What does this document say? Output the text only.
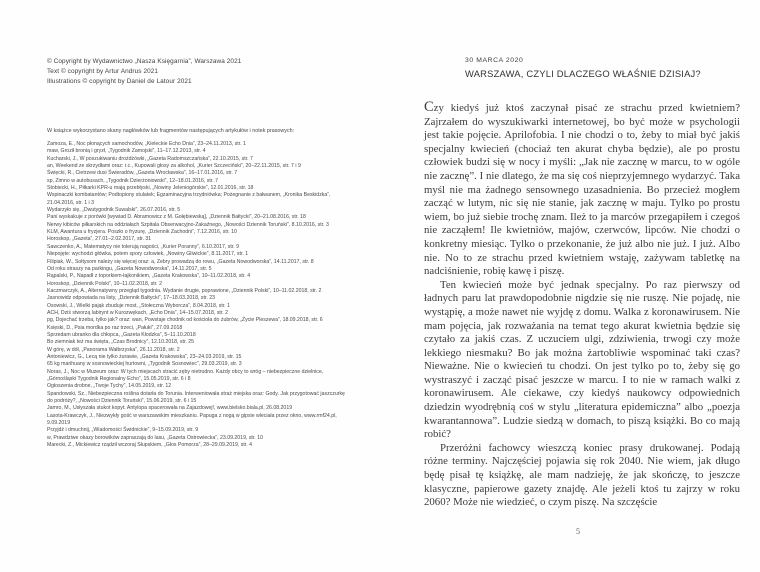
© Copyright by Wydawnictwo „Nasza Księgarnia”, Warszawa 2021
Text © copyright by Artur Andrus 2021
Illustrations © copyright by Daniel de Latour 2021
W książce wykorzystano skany nagłówków lub fragmentów następujących artykułów i notek prasowych:
Zamoza, E., Noc płonących samochodów, „Kieleckie Echo Dnia”, 23–24.11.2013, str. 1
maw, Groził bronią i gryzł, „Tygodnik Zamojski”, 11–17.12.2013, str. 4
Kucharski, J., W poszukiwaniu drożdżówki, „Gazeta Radomszczańska”, 22.10.2015, str. 7
an, Weekend ze skrzydłami oraz: r.c., Kupowali głosy za alkohol, „Kurier Szczeciński”, 20–22.11.2015, str. 7 i 9
Święcki, R., Cietrzew dusi Świeradów, „Gazeta Wrocławska”, 16–17.01.2016, str. 7
sp, Zimno w autobusach, „Tygodnik Dzierżoniowski”, 12–18.01.2016, str. 7
Stobiecki, H., Piłkarki KPR-u mają przebłyski, „Nowiny Jeleniogórskie”, 12.01.2016, str. 18
Wspinaczki kombatantów; Podtopiony stulatek; Egzaminacyjna trzydniówka; Pożegnanie z bałwanem, „Kronika Beskidzka”, 21.04.2016, str. 1 i 3
Wydarzyło się, „Dwutygodnik Suwalski”, 26.07.2016, str. 5
Pani wyskakuje z porówki [wywiad D. Abramowicz z M. Gołębiewską], „Dziennik Bałtycki”, 20–21.08.2016, str. 18
Nerwy kibiców piłkarskich na oddziałach Szpitala Obserwacyjno-Zakaźnego, „Nowości Dziennik Toruński”, 8.10.2016, str. 3
KLM, Awantura u fryzjera. Poszło o fryzurę, „Dziennik Zachodni”, 7.12.2016, str. 10
Horoskop, „Gazeta”, 27.01–2.02.2017, str. 31
Sawczenko, A., Matematycy nie tolerują nagości, „Kurier Poranny”, 6.10.2017, str. 9
Niepojęte: wychodzi główka, potem spory człowiek, „Nowiny Gliwickie”, 8.11.2017, str. 1
Filipiak, W., Sołtysom należy się więcej oraz: a, Zebry prowadzą do rowu, „Gazeta Nowodworska”, 14.11.2017, str. 8
Od roku straszy na parkingu, „Gazeta Nowodworska”, 14.11.2017, str. 5
Rąpalski, P., Napadł z toporkiem-łajkonikiem, „Gazeta Krakowska”, 10–11.02.2018, str. 4
Horoskop, „Dziennik Polski”, 10–11.02.2018, str. 2
Kaczmarczyk, A., Alternatywny przegląd tygodnia. Wydanie drugie, poprawione, „Dziennik Polski”, 10–11.02.2018, str. 2
Jasnowidz odpowiada na listy, „Dziennik Bałtycki”, 17–18.03.2018, str. 23
Osowski, J., Wielki pająk zbuduje most, „Stołeczna Wyborcza”, 8.04.2018, str. 1
ACH, Dziś stworzą labirynt w Kurozwękach, „Echo Dnia”, 14–15.07.2018, str. 2
pg, Dojechać trzeba, tylko jak? oraz: wan, Powstaje chodnik od kościoła do żubrów, „Życie Pleszewa”, 18.09.2018, str. 6
Księski, D., Psia mordka po raz trzeci, „Pałuki”, 27.09.2018
Sprzedam ubranko dla chłopca, „Gazeta Kłodzka”, 5–11.10.2018
Bo ziemniak też ma święta, „Czas Brodnicy”, 12.10.2018, str. 25
W górę, w dół, „Panorama Wałbrzyska”, 26.11.2018, str. 2
Antoniewicz, G., Lecą nie tylko żurawie, „Gazeta Krakowska”, 23–24.03.2019, str. 15
65 kg marihuany w sosnowieckiej hurtowni, „Tygodnik Sosnowiec”, 29.03.2019, str. 3
Noras, J., Noc w Muzeum oraz: W tych miejscach stracić zęby nietrudno. Każdy obcy to wróg – niebezpieczne dzielnice, „Górnośląski Tygodnik Regionalny Echo”, 15.05.2019, str. 6 i 8
Ogłoszenia drobne, „Twoje Tychy”, 14.05.2019, str. 12
Spandowski, Sz., Niebezpieczna roślina dotarła do Torunia. Interweniowała straż miejska oraz: Gody. Jak przygotować jaszczurkę do podróży?, „Nowości Dziennik Toruński”, 15.06.2019, str. 6 i 15
Jamro, M., Usłyszała stukot kopyt. Antylopa spacerowała na Zajazdowej!, www.bielsko.biala.pl, 26.08.2019
Lasota-Krawczyk, J., Niezwykły gość w warszawskim mieszkaniu. Papuga z nogą w gipsie wleciała przez okno, www.rmf24.pl, 9.09.2019
Przyjdź i dmuchnij, „Wiadomości Świdnickie”, 9–15.09.2019, str. 9
w, Prawdziwe okazy borowików zapraszają do lasu, „Gazeta Ostrowiecka”, 23.09.2019, str. 10
Marecki, Z., Mickiewicz rządził wczoraj Słupskiem, „Głos Pomorza”, 28–29.09.2019, str. 4
30 MARCA 2020
WARSZAWA, CZYLI DLACZEGO WŁAŚNIE DZISIAJ?

Czy kiedyś już ktoś zaczynał pisać ze strachu przed kwietniem? Zajrzałem do wyszukiwarki internetowej, bo być może w psychologii jest takie pojęcie. Aprilofobia. I nie chodzi o to, żeby to miał być jakiś specjalny kwiecień (chociaż ten akurat chyba będzie), ale po prostu człowiek budzi się w nocy i myśli: „Jak nie zacznę w marcu, to w ogóle nie zacznę”. I nie dlatego, że ma się coś nieprzyjemnego wydarzyć. Taka myśl nie ma żadnego sensownego uzasadnienia. Bo przecież mogłem zacząć w lutym, nic się nie stanie, jak zacznę w maju. Tylko po prostu wiem, bo już siebie trochę znam. Ileż to ja marców przegapiłem i czegoś nie zacząłem! Ile kwietniów, majów, czerwców, lipców. Nie chodzi o konkretny miesiąc. Tylko o przekonanie, że już albo nie już. I już. Albo nie. No to ze strachu przed kwietniem wstaję, zażywam tabletkę na nadciśnienie, robię kawę i piszę.

Ten kwiecień może być jednak specjalny. Po raz pierwszy od ładnych paru lat prawdopodobnie nigdzie się nie ruszę. Nie pojadę, nie wystąpię, a może nawet nie wyjdę z domu. Walka z koronawirusem. Nie mam pojęcia, jak rozważania na temat tego akurat kwietnia będzie się czytało za jakiś czas. Z uczuciem ulgi, zdziwienia, trwogi czy może lekkiego niesmaku? Bo jak można żartobliwie wspominać taki czas? Nieważne. Nie o kwiecień tu chodzi. On jest tylko po to, żeby się go wystraszyć i zacząć pisać jeszcze w marcu. I to nie w ramach walki z koronawirusem. Ale ciekawe, czy kiedyś naukowcy odpowiednich dziedzin wyodrębnią coś w stylu „literatura epidemiczna” albo „poezja kwarantannowa”. Ludzie siedzą w domach, to piszą książki. Bo co mają robić?

Przeróżni fachowcy wieszczą koniec prasy drukowanej. Podają różne terminy. Najczęściej pojawia się rok 2040. Nie wiem, jak długo będę pisał tę książkę, ale mam nadzieję, że jak skończę, to jeszcze klasyczne, papierowe gazety znajdę. Ale jeżeli ktoś tu zajrzy w roku 2060? Może nie wiedzieć, o czym piszę. Na szczęście

5
